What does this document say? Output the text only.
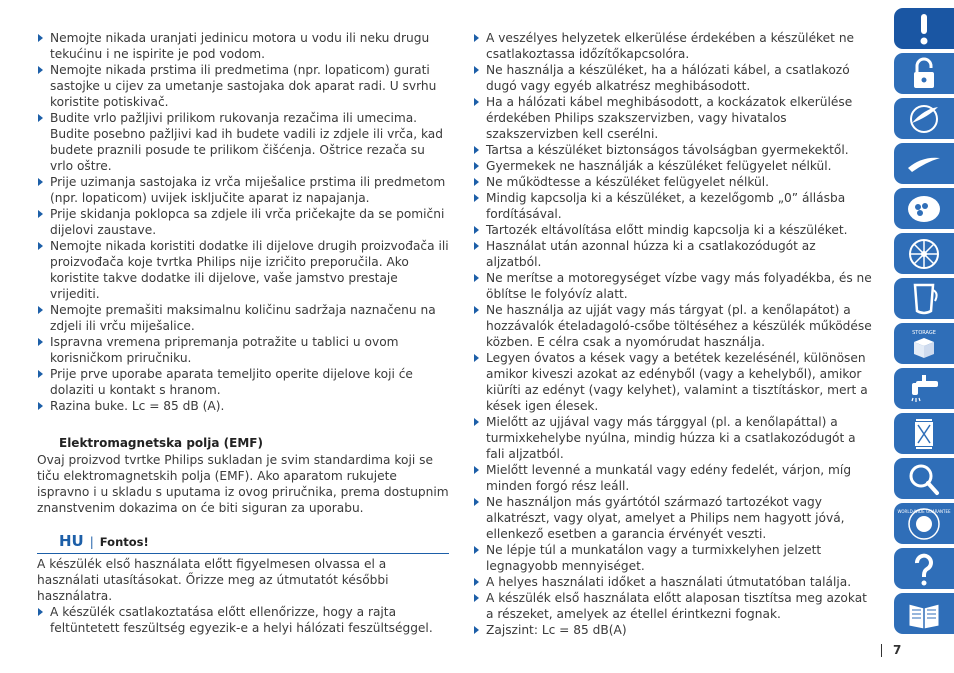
Nemojte nikada uranjati jedinicu motora u vodu ili neku drugu tekućinu i ne ispirite je pod vodom.
Nemojte nikada prstima ili predmetima (npr. lopaticom) gurati sastojke u cijev za umetanje sastojaka dok aparat radi. U svrhu koristite potiskivač.
Budite vrlo pažljivi prilikom rukovanja rezačima ili umecima. Budite posebno pažljivi kad ih budete vadili iz zdjele ili vrča, kad budete praznili posude te prilikom čišćenja. Oštrice rezača su vrlo oštre.
Prije uzimanja sastojaka iz vrča miješalice prstima ili predmetom (npr. lopaticom) uvijek isključite aparat iz napajanja.
Prije skidanja poklopca sa zdjele ili vrča pričekajte da se pomični dijelovi zaustave.
Nemojte nikada koristiti dodatke ili dijelove drugih proizvođača ili proizvođača koje tvrtka Philips nije izričito preporučila. Ako koristite takve dodatke ili dijelove, vaše jamstvo prestaje vrijediti.
Nemojte premašiti maksimalnu količinu sadržaja naznačenu na zdjeli ili vrču miješalice.
Ispravna vremena pripremanja potražite u tablici u ovom korisničkom priručniku.
Prije prve uporabe aparata temeljito operite dijelove koji će dolaziti u kontakt s hranom.
Razina buke. Lc = 85 dB (A).
Elektromagnetska polja (EMF)
Ovaj proizvod tvrtke Philips sukladan je svim standardima koji se tiču elektromagnetskih polja (EMF). Ako aparatom rukujete ispravno i u skladu s uputama iz ovog priručnika, prema dostupnim znanstvenim dokazima on će biti siguran za uporabu.
HU | Fontos!
A készülék első használata előtt figyelmesen olvassa el a használati utasításokat. Őrizze meg az útmutatót későbbi használatra.
A készülék csatlakoztatása előtt ellenőrizze, hogy a rajta feltüntetett feszültség egyezik-e a helyi hálózati feszültséggel.
A veszélyes helyzetek elkerülése érdekében a készüléket ne csatlakoztassa időzítőkapcsolóra.
Ne használja a készüléket, ha a hálózati kábel, a csatlakozó dugó vagy egyéb alkatrész meghibásodott.
Ha a hálózati kábel meghibásodott, a kockázatok elkerülése érdekében Philips szakszervizben, vagy hivatalos szakszervizben kell cserélni.
Tartsa a készüléket biztonságos távolságban gyermekektől.
Gyermekek ne használják a készüléket felügyelet nélkül.
Ne működtesse a készüléket felügyelet nélkül.
Mindig kapcsolja ki a készüléket, a kezelőgomb „0” állásba fordításával.
Tartozék eltávolítása előtt mindig kapcsolja ki a készüléket.
Használat után azonnal húzza ki a csatlakozódugót az aljzatból.
Ne merítse a motoregységet vízbe vagy más folyadékba, és ne öblítse le folyóvíz alatt.
Ne használja az ujját vagy más tárgyat (pl. a kenőlapátot) a hozzávalók ételadagoló-csőbe töltéséhez a készülék működése közben. E célra csak a nyomórudat használja.
Legyen óvatos a kések vagy a betétek kezelésénél, különösen amikor kiveszi azokat az edényből (vagy a kehelyből), amikor kiüríti az edényt (vagy kelyhet), valamint a tisztításkor, mert a kések igen élesek.
Mielőtt az ujjával vagy más tárggyal (pl. a kenőlapáttal) a turmixkehelybe nyúlna, mindig húzza ki a csatlakozódugót a fali aljzatból.
Mielőtt levenné a munkatál vagy edény fedelét, várjon, míg minden forgó rész leáll.
Ne használjon más gyártótól származó tartozékot vagy alkatrészt, vagy olyat, amelyet a Philips nem hagyott jóvá, ellenkező esetben a garancia érvényét veszti.
Ne lépje túl a munkatálon vagy a turmixkelyhen jelzett legnagyobb mennyiséget.
A helyes használati időket a használati útmutatóban találja.
A készülék első használata előtt alaposan tisztítsa meg azokat a részeket, amelyek az étellel érintkezni fognak.
Zajszint: Lc = 85 dB(A)
STORAGE
WORLD-WIDE GUARANTEE
7
